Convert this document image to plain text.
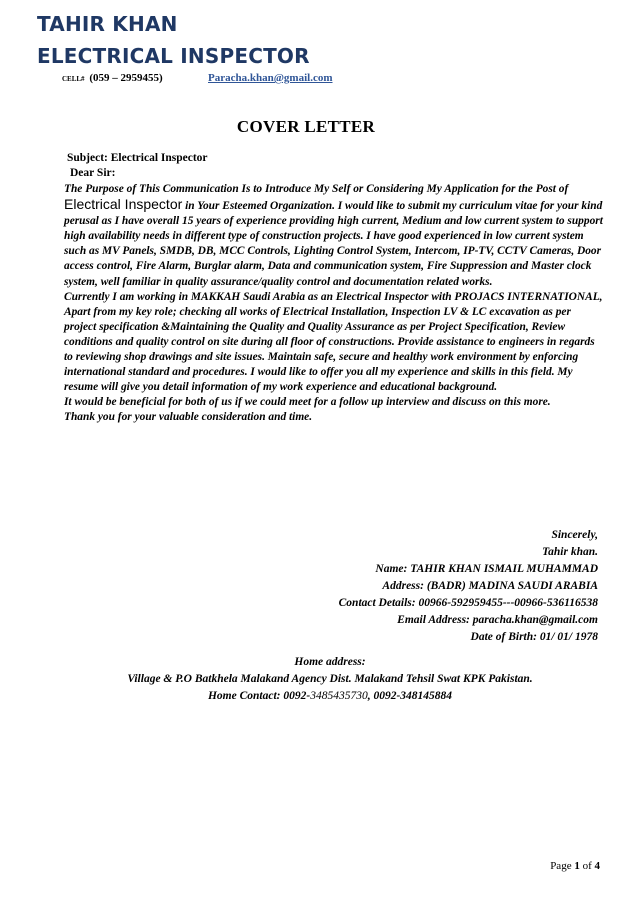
TAHIR KHAN
ELECTRICAL INSPECTOR
CELL# (059 – 2959455)	Paracha.khan@gmail.com
COVER LETTER
Subject: Electrical Inspector
Dear Sir:

The Purpose of This Communication Is to Introduce My Self or Considering My Application for the Post of Electrical Inspector in Your Esteemed Organization. I would like to submit my curriculum vitae for your kind perusal as I have overall 15 years of experience providing high current, Medium and low current system to support high availability needs in different type of construction projects. I have good experienced in low current system such as MV Panels, SMDB, DB, MCC Controls, Lighting Control System, Intercom, IP-TV, CCTV Cameras, Door access control, Fire Alarm, Burglar alarm, Data and communication system, Fire Suppression and Master clock system, well familiar in quality assurance/quality control and documentation related works.

Currently I am working in MAKKAH Saudi Arabia as an Electrical Inspector with PROJACS INTERNATIONAL, Apart from my key role; checking all works of Electrical Installation, Inspection LV & LC excavation as per project specification &Maintaining the Quality and Quality Assurance as per Project Specification, Review conditions and quality control on site during all floor of constructions. Provide assistance to engineers in regards to reviewing shop drawings and site issues. Maintain safe, secure and healthy work environment by enforcing international standard and procedures. I would like to offer you all my experience and skills in this field. My resume will give you detail information of my work experience and educational background.

It would be beneficial for both of us if we could meet for a follow up interview and discuss on this more.

Thank you for your valuable consideration and time.

Sincerely,
Tahir khan.
Name: TAHIR KHAN ISMAIL MUHAMMAD
Address: (BADR) MADINA SAUDI ARABIA
Contact Details: 00966-592959455---00966-536116538
Email Address: paracha.khan@gmail.com
Date of Birth: 01/ 01/ 1978
Home address:
Village & P.O Batkhela Malakand Agency Dist. Malakand Tehsil Swat KPK Pakistan.
Home Contact: 0092-3485435730, 0092-348145884
Page 1 of 4
